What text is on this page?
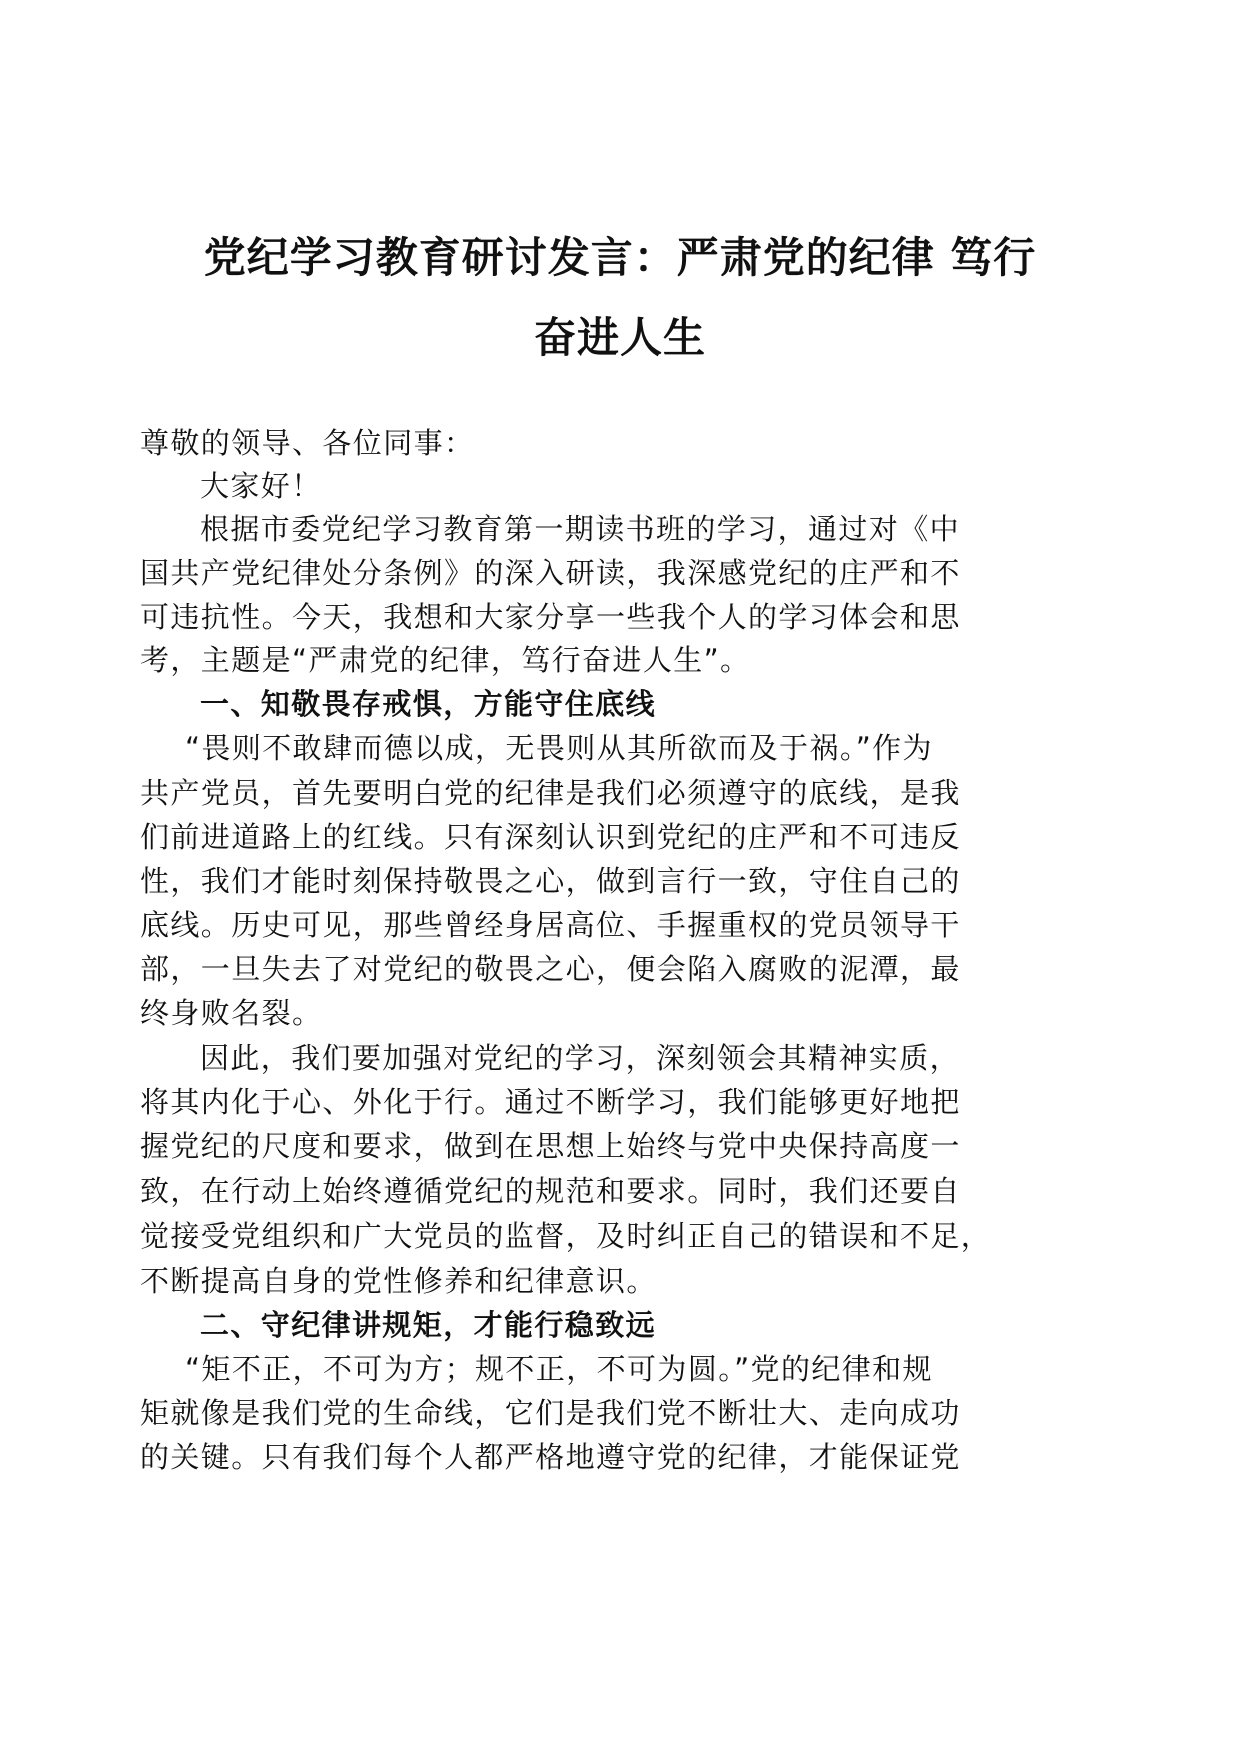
党纪学习教育研讨发言：严肃党的纪律 笃行
奋进人生
尊敬的领导、各位同事：
大家好！
根据市委党纪学习教育第一期读书班的学习，通过对《中
国共产党纪律处分条例》的深入研读，我深感党纪的庄严和不
可违抗性。今天，我想和大家分享一些我个人的学习体会和思
考，主题是“严肃党的纪律，笃行奋进人生”。
一、知敬畏存戒惧，方能守住底线
“畏则不敢肆而德以成，无畏则从其所欲而及于祸。”作为
共产党员，首先要明白党的纪律是我们必须遵守的底线，是我
们前进道路上的红线。只有深刻认识到党纪的庄严和不可违反
性，我们才能时刻保持敬畏之心，做到言行一致，守住自己的
底线。历史可见，那些曾经身居高位、手握重权的党员领导干
部，一旦失去了对党纪的敬畏之心，便会陷入腐败的泥潭，最
终身败名裂。
因此，我们要加强对党纪的学习，深刻领会其精神实质，
将其内化于心、外化于行。通过不断学习，我们能够更好地把
握党纪的尺度和要求，做到在思想上始终与党中央保持高度一
致，在行动上始终遵循党纪的规范和要求。同时，我们还要自
觉接受党组织和广大党员的监督，及时纠正自己的错误和不足，
不断提高自身的党性修养和纪律意识。
二、守纪律讲规矩，才能行稳致远
“矩不正，不可为方；规不正，不可为圆。”党的纪律和规
矩就像是我们党的生命线，它们是我们党不断壮大、走向成功
的关键。只有我们每个人都严格地遵守党的纪律，才能保证党
